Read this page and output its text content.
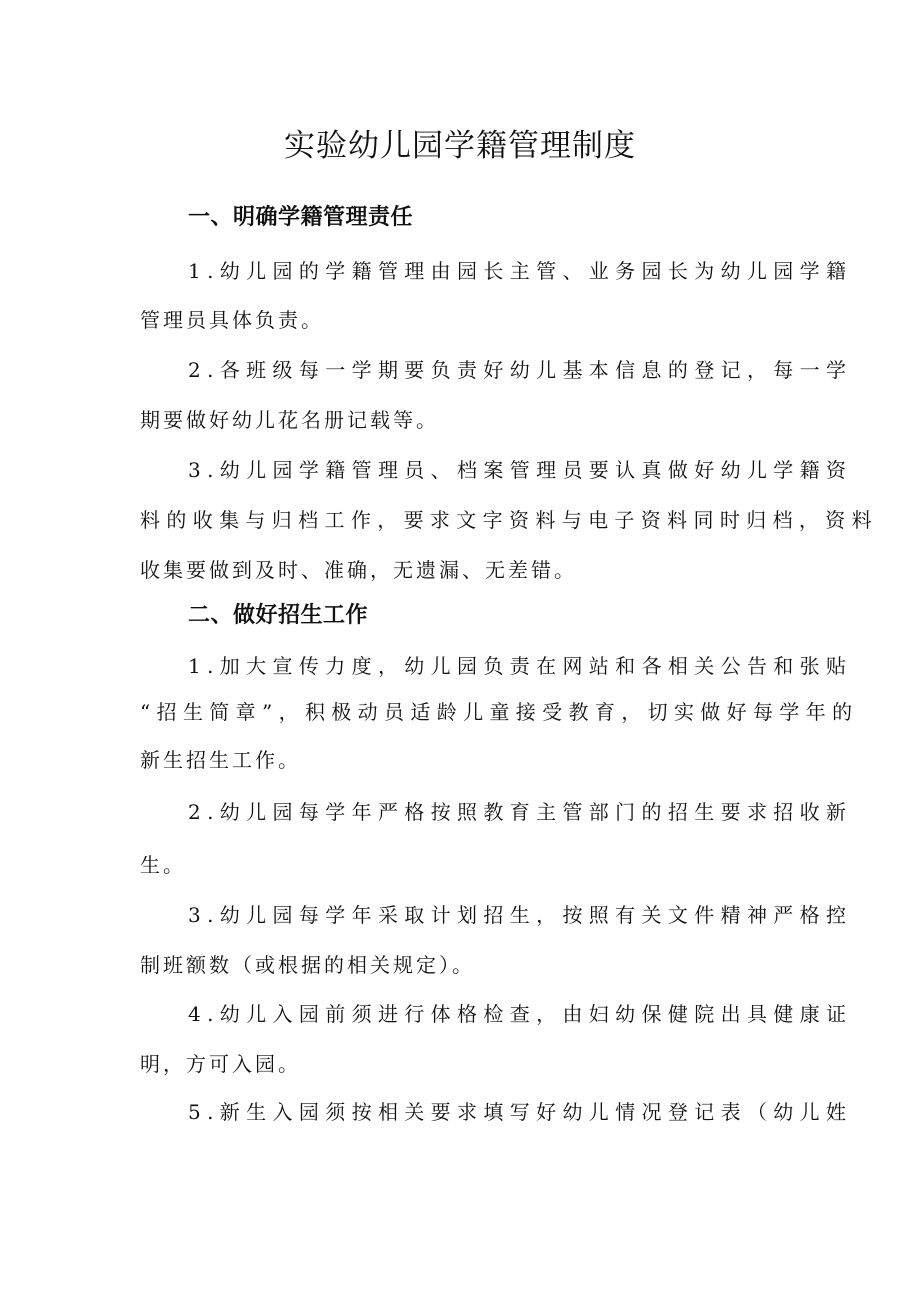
实验幼儿园学籍管理制度
一、明确学籍管理责任

1 . 幼 儿 园 的 学 籍 管 理 由 园 长 主 管 、 业 务 园 长 为 幼 儿 园 学 籍

管理员具体负责。

2 . 各 班 级 每 一 学 期 要 负 责 好 幼 儿 基 本 信 息 的 登 记 ， 每 一 学

期要做好幼儿花名册记载等。

3 . 幼 儿 园 学 籍 管 理 员 、 档 案 管 理 员 要 认 真 做 好 幼 儿 学 籍 资

料 的 收 集 与 归 档 工 作 ， 要 求 文 字 资 料 与 电 子 资 料 同 时 归 档 ， 资 料

收集要做到及时、准确，无遗漏、无差错。

二、做好招生工作

1 . 加 大 宣 传 力 度 ， 幼 儿 园 负 责 在 网 站 和 各 相 关 公 告 和 张 贴

“ 招 生 简 章 ” ， 积 极 动 员 适 龄 儿 童 接 受 教 育 ， 切 实 做 好 每 学 年 的

新生招生工作。

2 . 幼 儿 园 每 学 年 严 格 按 照 教 育 主 管 部 门 的 招 生 要 求 招 收 新

生。

3 . 幼 儿 园 每 学 年 采 取 计 划 招 生 ， 按 照 有 关 文 件 精 神 严 格 控

制班额数（或根据的相关规定）。

4 . 幼 儿 入 园 前 须 进 行 体 格 检 查 ， 由 妇 幼 保 健 院 出 具 健 康 证

明，方可入园。

5 . 新 生 入 园 须 按 相 关 要 求 填 写 好 幼 儿 情 况 登 记 表 （ 幼 儿 姓
